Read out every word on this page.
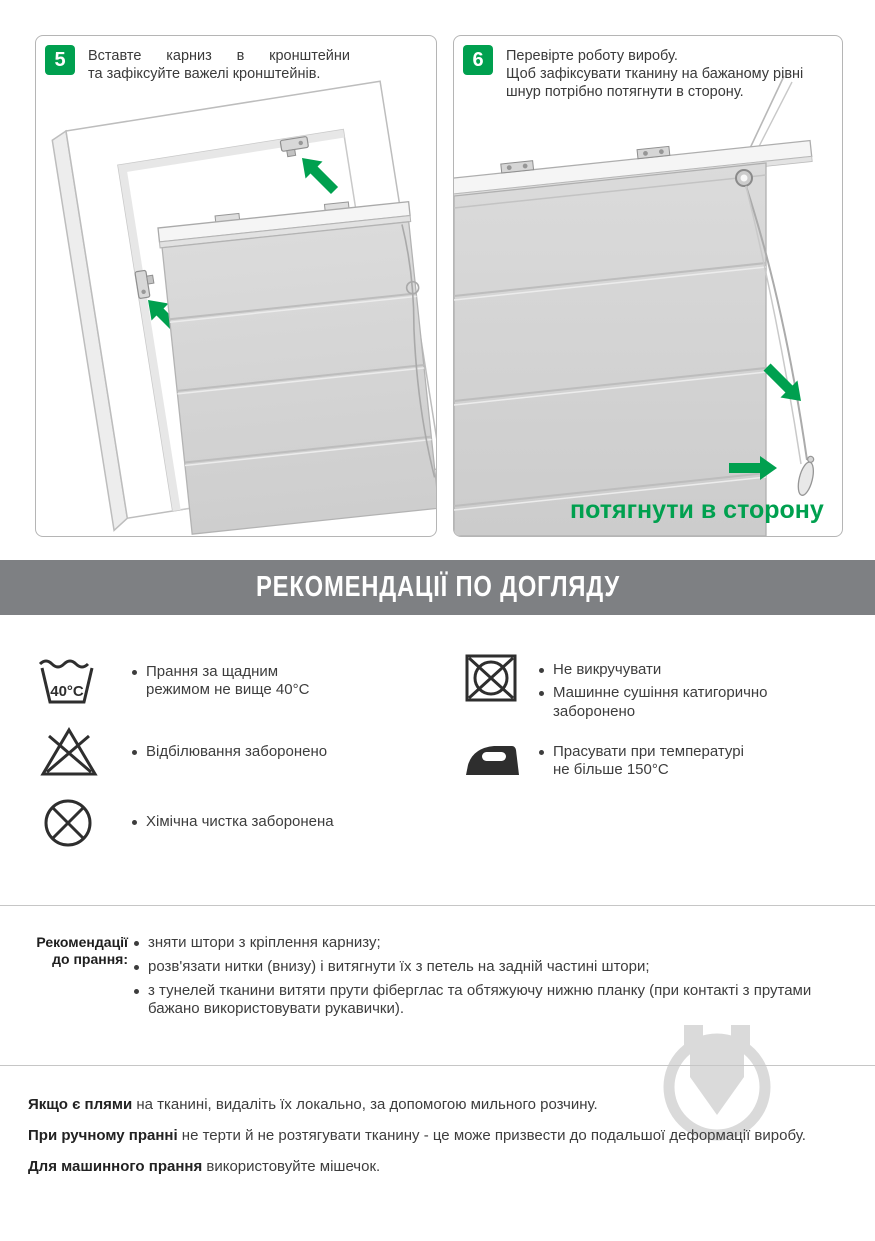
5	Вставте карниз в кронштейни

та зафіксуйте важелі кронштейнів.

6	Перевірте роботу виробу.

Щоб зафіксувати тканину на бажаному рівні

шнур потрібно потягнути в сторону.

потягнути в сторону
РЕКОМЕНДАЦІЇ ПО ДОГЛЯДУ
40°C
Прання за щадним режимом не вище 40°С
Відбілювання заборонено
Хімічна чистка заборонена
Не викручувати
Машинне сушіння катигорично заборонено
Прасувати при температурі не більше 150°С
Рекомендації до прання:
зняти штори з кріплення карнизу;
розв'язати нитки (внизу) і витягнути їх з петель на задній частині штори;
з тунелей тканини витяти прути фіберглас та обтяжуючу нижню планку (при контакті з прутами бажано використовувати рукавички).

Якщо є плями на тканині, видаліть їх локально, за допомогою мильного розчину.

При ручному пранні не терти й не розтягувати тканину - це може призвести до подальшої деформації виробу.

Для машинного прання використовуйте мішечок.
